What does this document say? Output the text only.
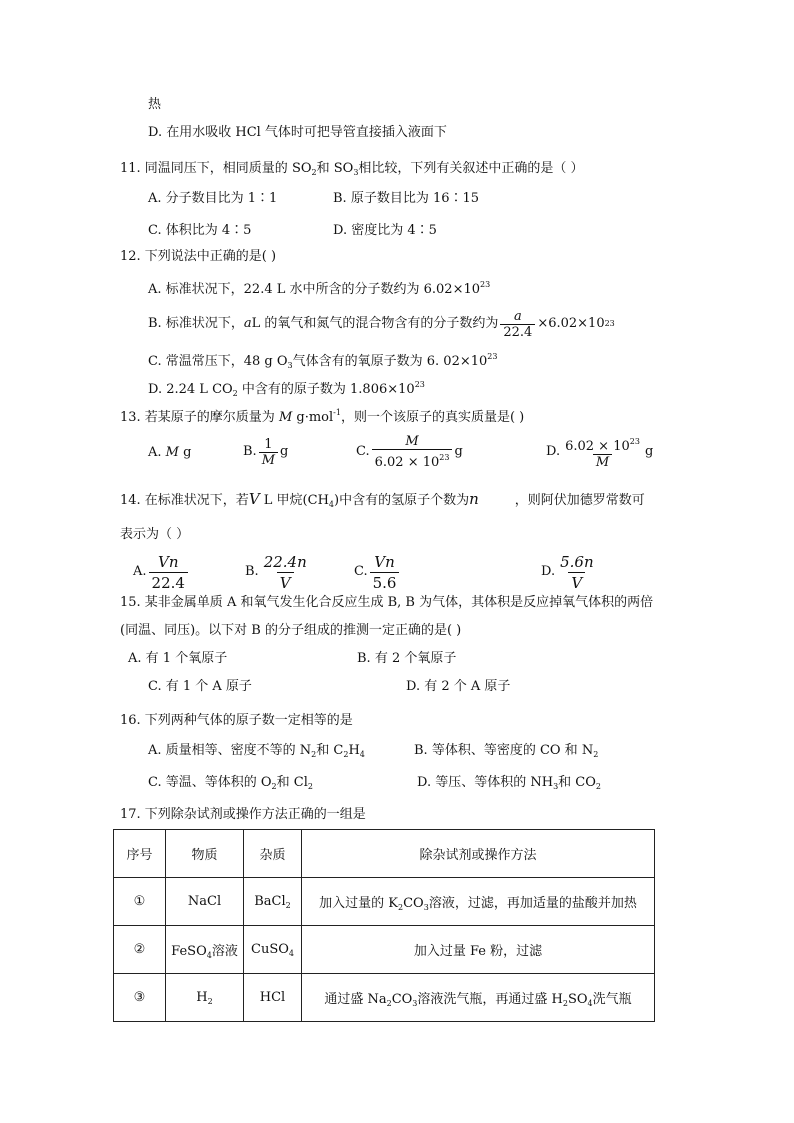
热
D. 在用水吸收 HCl 气体时可把导管直接插入液面下
11. 同温同压下，相同质量的 $SO_2$和 $SO_3$相比较，下列有关叙述中正确的是（ ）
A. 分子数目比为 1∶1	B. 原子数目比为 16∶15
C. 体积比为 4∶5	D. 密度比为 4∶5
12. 下列说法中正确的是( )
A. 标准状况下，22.4 L 水中所含的分子数约为 $6.02\times 10^{23}$
B. 标准状况下， a L 的氧气和氮气的混合物含有的分子数约为 $\frac{a}{22.4} \times 6.02\times 10$ 23
C. 常温常压下，48 g $O_3$气体含有的氧原子数为 6. $02\times 10^{23}$
D. 2.24 L $CO_2$ 中含有的原子数为 $1.806\times 10^{23}$
13. 若某原子的摩尔质量为 M g·mol$^{-1}$，则一个该原子的真实质量是( )
A. M g	B. $\frac{1}{M}$ g	C. $\frac{M}{6.02 \times 10^{23}}$ g	D. $\frac{6.02 \times 10^{23}}{M}$ g
14. 在标准状况下，若V L 甲烷$(CH_4)$中含有的氢原子个数为n	，则阿伏加德罗常数可
表示为（ ）
A. $\frac{Vn}{22.4}$	B. $\frac{22.4n}{V}$	C. $\frac{Vn}{5.6}$	D. $\frac{5.6n}{V}$
15. 某非金属单质 A 和氧气发生化合反应生成 B, B 为气体，其体积是反应掉氧气体积的两倍
(同温、同压)。以下对 B 的分子组成的推测一定正确的是( )
A. 有 1 个氧原子	B. 有 2 个氧原子
C. 有 1 个 A 原子	D. 有 2 个 A 原子
16. 下列两种气体的原子数一定相等的是
A. 质量相等、密度不等的 $N_2$和 $C_2H_4$	B. 等体积、等密度的 CO 和 $N_2$
C. 等温、等体积的 $O_2$和 $Cl_2$	D. 等压、等体积的 $NH_3$和 $CO_2$
17. 下列除杂试剂或操作方法正确的一组是
序号	物质	杂质	除杂试剂或操作方法
①	NaCl	BaCl$_2$	加入过量的 $K_2CO_3$溶液，过滤，再加适量的盐酸并加热
②	FeSO$_4$溶液	CuSO$_4$	加入过量 Fe 粉，过滤
③	$H_2$	HCl	通过盛 $Na_2CO_3$溶液洗气瓶，再通过盛 $H_2SO_4$洗气瓶
